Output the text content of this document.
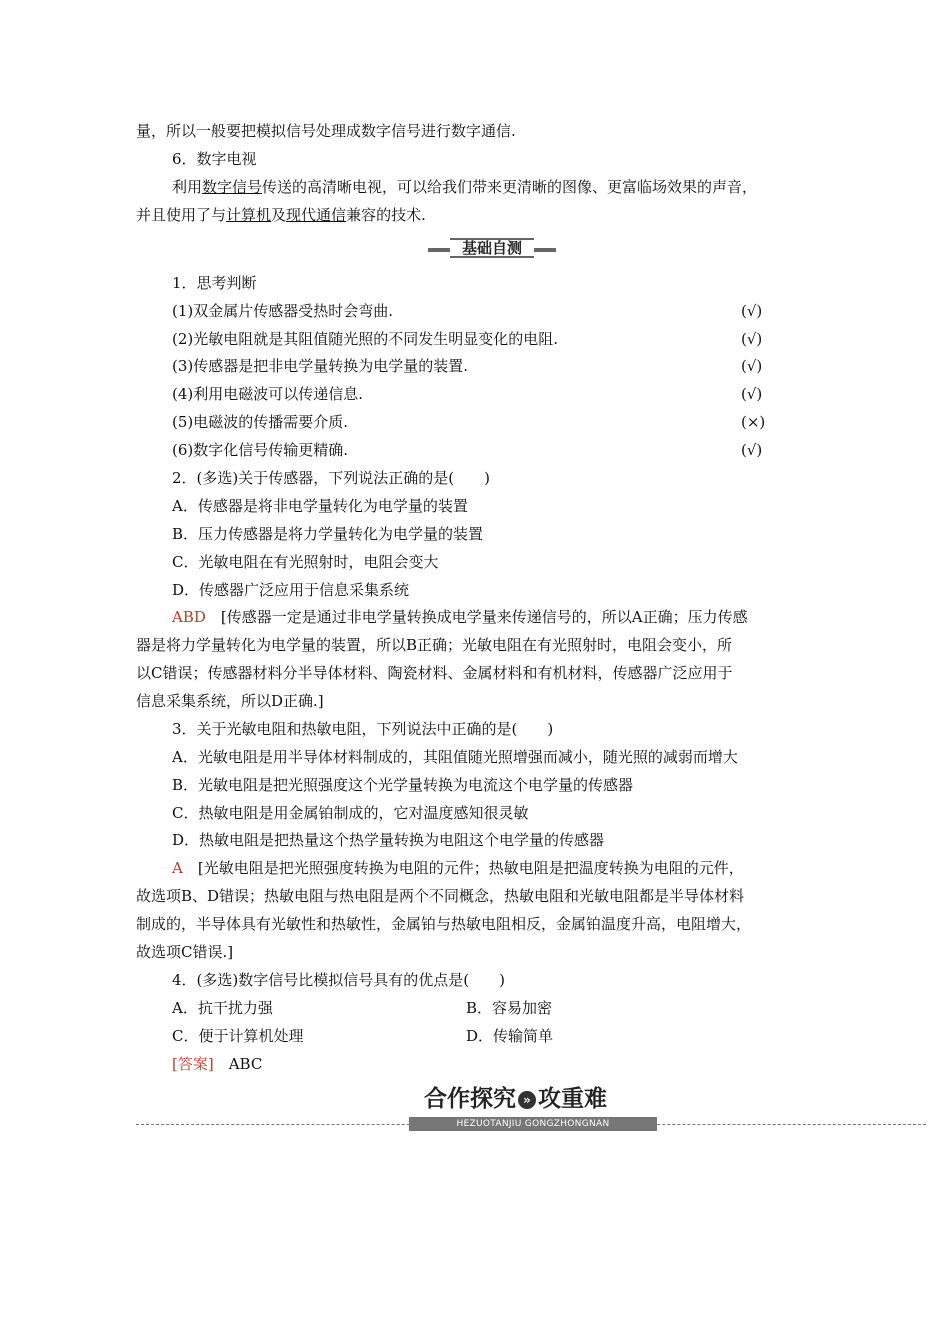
量，所以一般要把模拟信号处理成数字信号进行数字通信.
6．数字电视
利用数字信号传送的高清晰电视，可以给我们带来更清晰的图像、更富临场效果的声音，
并且使用了与计算机及现代通信兼容的技术.
基础自测
1．思考判断
(1)双金属片传感器受热时会弯曲.	(√)
(2)光敏电阻就是其阻值随光照的不同发生明显变化的电阻.	(√)
(3)传感器是把非电学量转换为电学量的装置.	(√)
(4)利用电磁波可以传递信息.	(√)
(5)电磁波的传播需要介质.	(×)
(6)数字化信号传输更精确.	(√)
2．(多选)关于传感器，下列说法正确的是(　　)
A．传感器是将非电学量转化为电学量的装置
B．压力传感器是将力学量转化为电学量的装置
C．光敏电阻在有光照射时，电阻会变大
D．传感器广泛应用于信息采集系统
ABD　 [传感器一定是通过非电学量转换成电学量来传递信号的，所以A正确；压力传感
器是将力学量转化为电学量的装置，所以B正确；光敏电阻在有光照射时，电阻会变小，所
以C错误；传感器材料分半导体材料、陶瓷材料、金属材料和有机材料，传感器广泛应用于
信息采集系统，所以D正确.]
3．关于光敏电阻和热敏电阻，下列说法中正确的是(　　)
A．光敏电阻是用半导体材料制成的，其阻值随光照增强而减小，随光照的减弱而增大
B．光敏电阻是把光照强度这个光学量转换为电流这个电学量的传感器
C．热敏电阻是用金属铂制成的，它对温度感知很灵敏
D．热敏电阻是把热量这个热学量转换为电阻这个电学量的传感器
A　 [光敏电阻是把光照强度转换为电阻的元件；热敏电阻是把温度转换为电阻的元件，
故选项B、D错误；热敏电阻与热电阻是两个不同概念，热敏电阻和光敏电阻都是半导体材料
制成的，半导体具有光敏性和热敏性，金属铂与热敏电阻相反，金属铂温度升高，电阻增大，
故选项C错误.]
4．(多选)数字信号比模拟信号具有的优点是(　　)
A．抗干扰力强	B．容易加密
C．便于计算机处理	D．传输简单
[答案]  ABC
合作探究 » 攻重难
HEZUOTANJIU GONGZHONGNAN
